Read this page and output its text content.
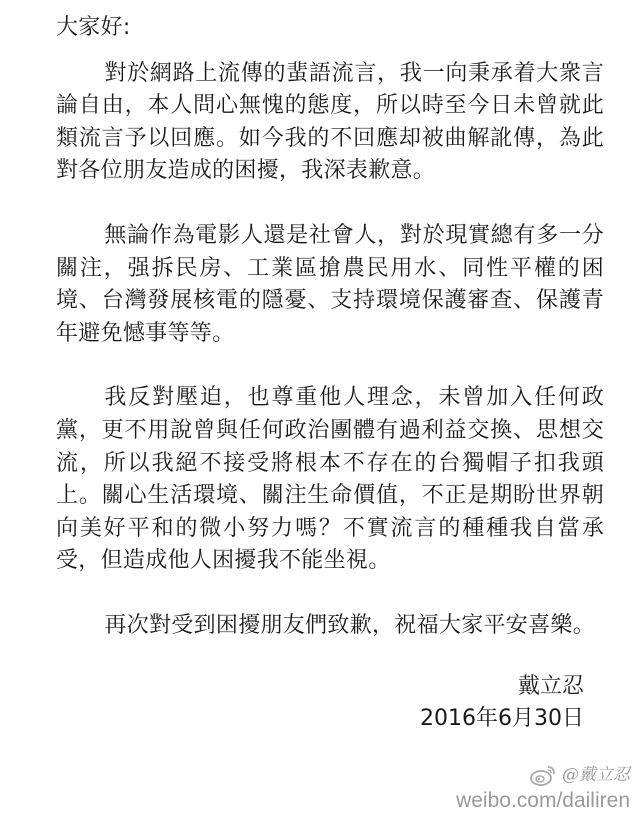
大家好:

對於網路上流傳的蜚語流言，我一向秉承着大衆言論自由，本人問心無愧的態度，所以時至今日未曾就此類流言予以回應。如今我的不回應却被曲解訛傳，為此對各位朋友造成的困擾，我深表歉意。

無論作為電影人還是社會人，對於現實總有多一分關注，强拆民房、工業區搶農民用水、同性平權的困境、台灣發展核電的隱憂、支持環境保護審查、保護青年避免憾事等等。

我反對壓迫，也尊重他人理念，未曾加入任何政黨，更不用說曾與任何政治團體有過利益交換、思想交流，所以我絕不接受將根本不存在的台獨帽子扣我頭上。關心生活環境、關注生命價值，不正是期盼世界朝向美好平和的微小努力嗎？不實流言的種種我自當承受，但造成他人困擾我不能坐視。

再次對受到困擾朋友們致歉，祝福大家平安喜樂。

戴立忍
2016年6月30日
@戴立忍
weibo.com/dailiren
